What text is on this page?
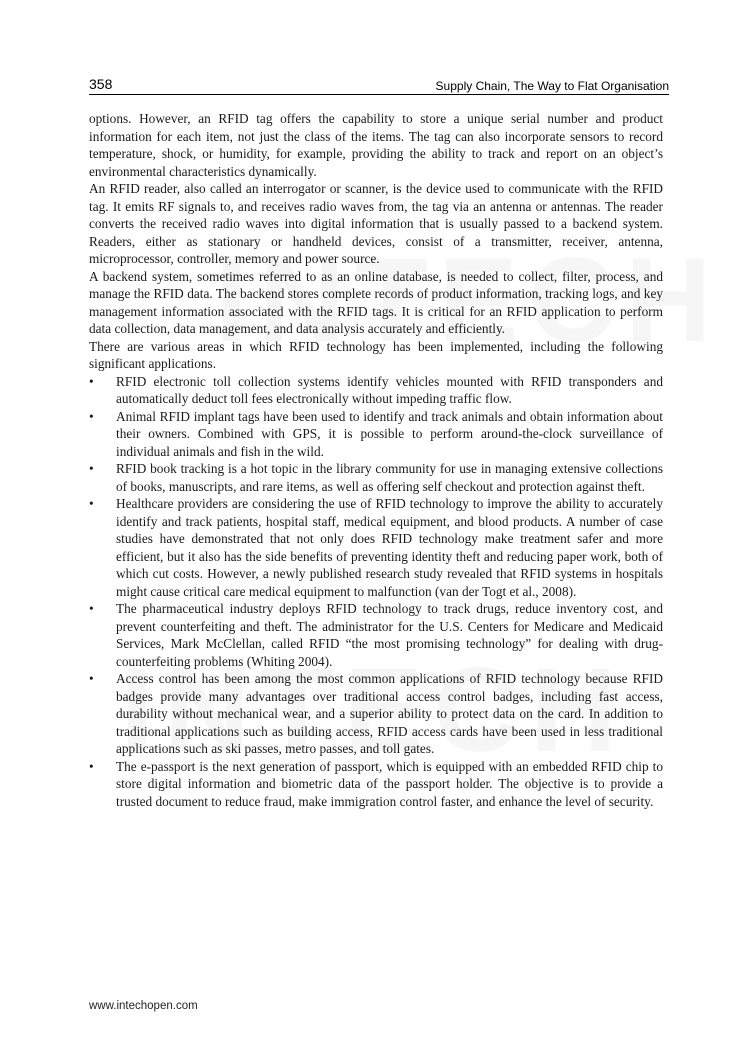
358	Supply Chain, The Way to Flat Organisation

options. However, an RFID tag offers the capability to store a unique serial number and product information for each item, not just the class of the items. The tag can also incorporate sensors to record temperature, shock, or humidity, for example, providing the ability to track and report on an object’s environmental characteristics dynamically.

An RFID reader, also called an interrogator or scanner, is the device used to communicate with the RFID tag. It emits RF signals to, and receives radio waves from, the tag via an antenna or antennas. The reader converts the received radio waves into digital information that is usually passed to a backend system. Readers, either as stationary or handheld devices, consist of a transmitter, receiver, antenna, microprocessor, controller, memory and power source.

A backend system, sometimes referred to as an online database, is needed to collect, filter, process, and manage the RFID data. The backend stores complete records of product information, tracking logs, and key management information associated with the RFID tags. It is critical for an RFID application to perform data collection, data management, and data analysis accurately and efficiently.

There are various areas in which RFID technology has been implemented, including the following significant applications.

•	RFID electronic toll collection systems identify vehicles mounted with RFID transponders and automatically deduct toll fees electronically without impeding traffic flow.
•	Animal RFID implant tags have been used to identify and track animals and obtain information about their owners. Combined with GPS, it is possible to perform around-the-clock surveillance of individual animals and fish in the wild.
•	RFID book tracking is a hot topic in the library community for use in managing extensive collections of books, manuscripts, and rare items, as well as offering self checkout and protection against theft.
•	Healthcare providers are considering the use of RFID technology to improve the ability to accurately identify and track patients, hospital staff, medical equipment, and blood products. A number of case studies have demonstrated that not only does RFID technology make treatment safer and more efficient, but it also has the side benefits of preventing identity theft and reducing paper work, both of which cut costs. However, a newly published research study revealed that RFID systems in hospitals might cause critical care medical equipment to malfunction (van der Togt et al., 2008).
•	The pharmaceutical industry deploys RFID technology to track drugs, reduce inventory cost, and prevent counterfeiting and theft. The administrator for the U.S. Centers for Medicare and Medicaid Services, Mark McClellan, called RFID “the most promising technology” for dealing with drug-counterfeiting problems (Whiting 2004).
•	Access control has been among the most common applications of RFID technology because RFID badges provide many advantages over traditional access control badges, including fast access, durability without mechanical wear, and a superior ability to protect data on the card. In addition to traditional applications such as building access, RFID access cards have been used in less traditional applications such as ski passes, metro passes, and toll gates.
•	The e-passport is the next generation of passport, which is equipped with an embedded RFID chip to store digital information and biometric data of the passport holder. The objective is to provide a trusted document to reduce fraud, make immigration control faster, and enhance the level of security.
www.intechopen.com
